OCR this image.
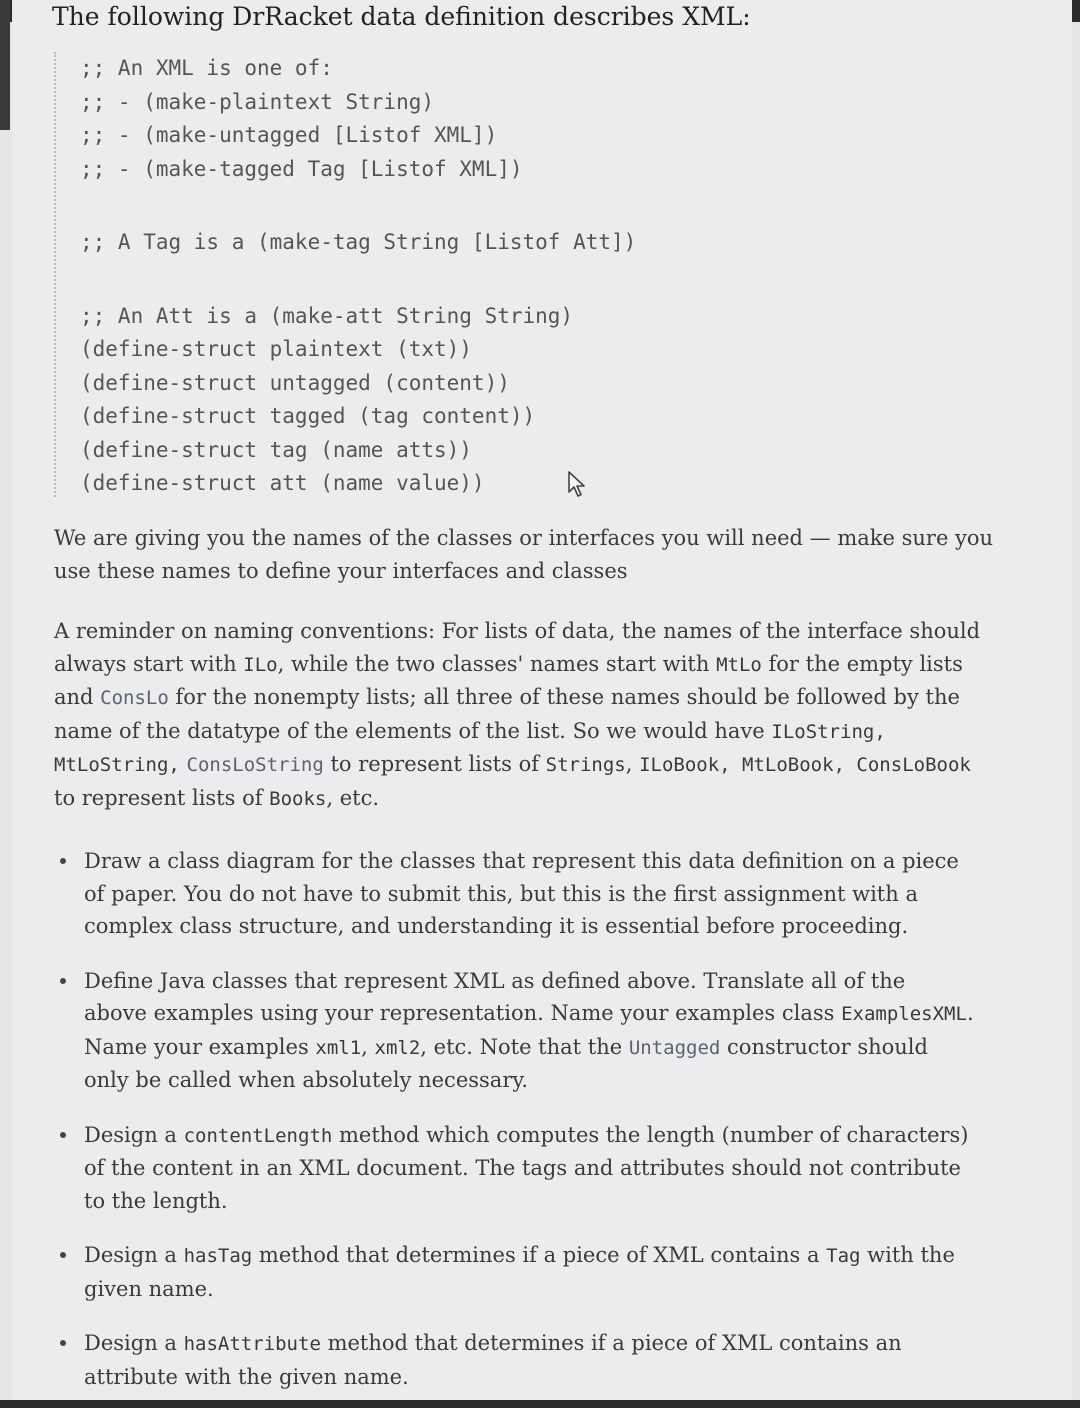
The following DrRacket data definition describes XML:
;; An XML is one of:
;; - (make-plaintext String)
;; - (make-untagged [Listof XML])
;; - (make-tagged Tag [Listof XML])
;; A Tag is a (make-tag String [Listof Att])
;; An Att is a (make-att String String)
(define-struct plaintext (txt))
(define-struct untagged (content))
(define-struct tagged (tag content))
(define-struct tag (name atts))
(define-struct att (name value))

We are giving you the names of the classes or interfaces you will need — make sure you use these names to define your interfaces and classes

A reminder on naming conventions: For lists of data, the names of the interface should always start with ILo, while the two classes' names start with MtLo for the empty lists and ConsLo for the nonempty lists; all three of these names should be followed by the name of the datatype of the elements of the list. So we would have ILoString, MtLoString, ConsLoString to represent lists of Strings, ILoBook, MtLoBook, ConsLoBook to represent lists of Books, etc.

Draw a class diagram for the classes that represent this data definition on a piece of paper. You do not have to submit this, but this is the first assignment with a complex class structure, and understanding it is essential before proceeding.
Define Java classes that represent XML as defined above. Translate all of the above examples using your representation. Name your examples class ExamplesXML. Name your examples xml1, xml2, etc. Note that the Untagged constructor should only be called when absolutely necessary.
Design a contentLength method which computes the length (number of characters) of the content in an XML document. The tags and attributes should not contribute to the length.
Design a hasTag method that determines if a piece of XML contains a Tag with the given name.
Design a hasAttribute method that determines if a piece of XML contains an attribute with the given name.
